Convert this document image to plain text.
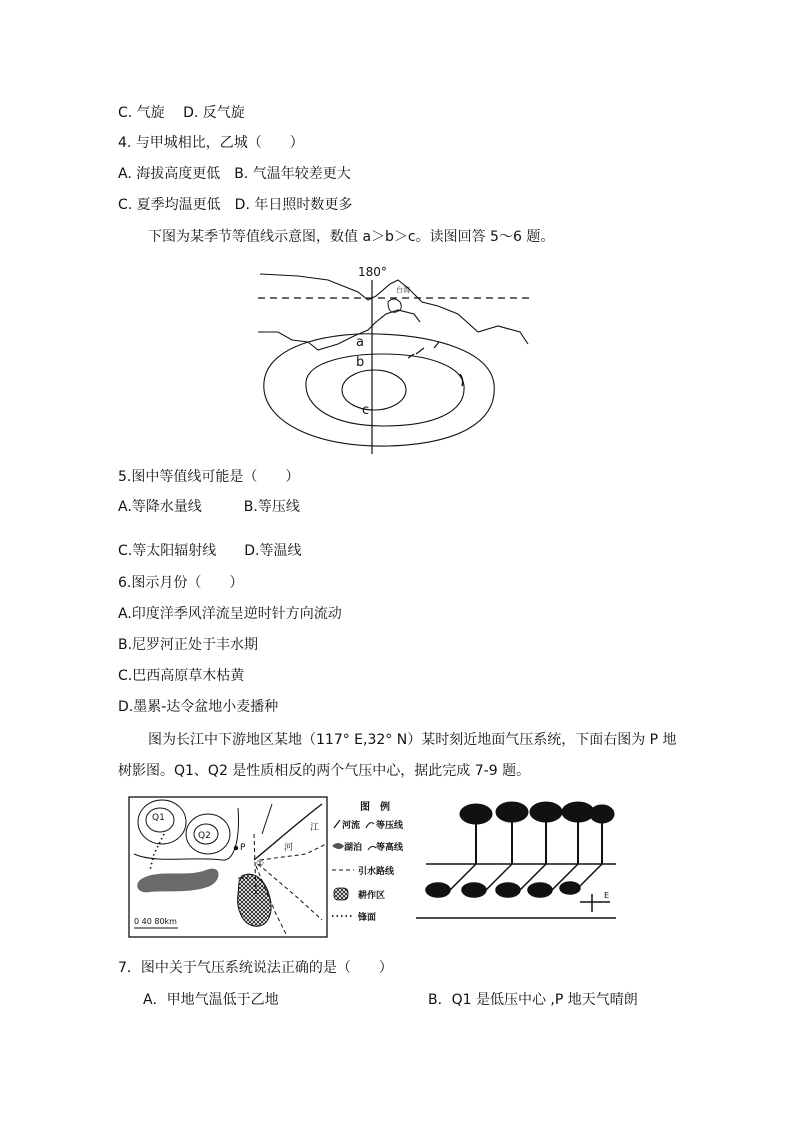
C. 气旋　 D. 反气旋
4. 与甲城相比，乙城（　　）
A. 海拔高度更低　B. 气温年较差更大
C. 夏季均温更低　D. 年日照时数更多
下图为某季节等值线示意图，数值 a＞b＞c。读图回答 5～6 题。
180°
台湾
a
b
c
5.图中等值线可能是（　　）
A.等降水量线　　　B.等压线
C.等太阳辐射线　　D.等温线
6.图示月份（　　）
A.印度洋季风洋流呈逆时针方向流动
B.尼罗河正处于丰水期
C.巴西高原草木枯黄
D.墨累-达令盆地小麦播种
图为长江中下游地区某地（117° E,32° N）某时刻近地面气压系统，下面右图为 P 地
树影图。Q1、Q2 是性质相反的两个气压中心，据此完成 7-9 题。
0 40 80km
Q1
Q2
P	河
江
①
图　例
河流 等压线
湖泊 等高线
引水路线
耕作区
锋面
E
7．图中关于气压系统说法正确的是（　　）
A．甲地气温低于乙地	B．Q1 是低压中心 ,P 地天气晴朗
